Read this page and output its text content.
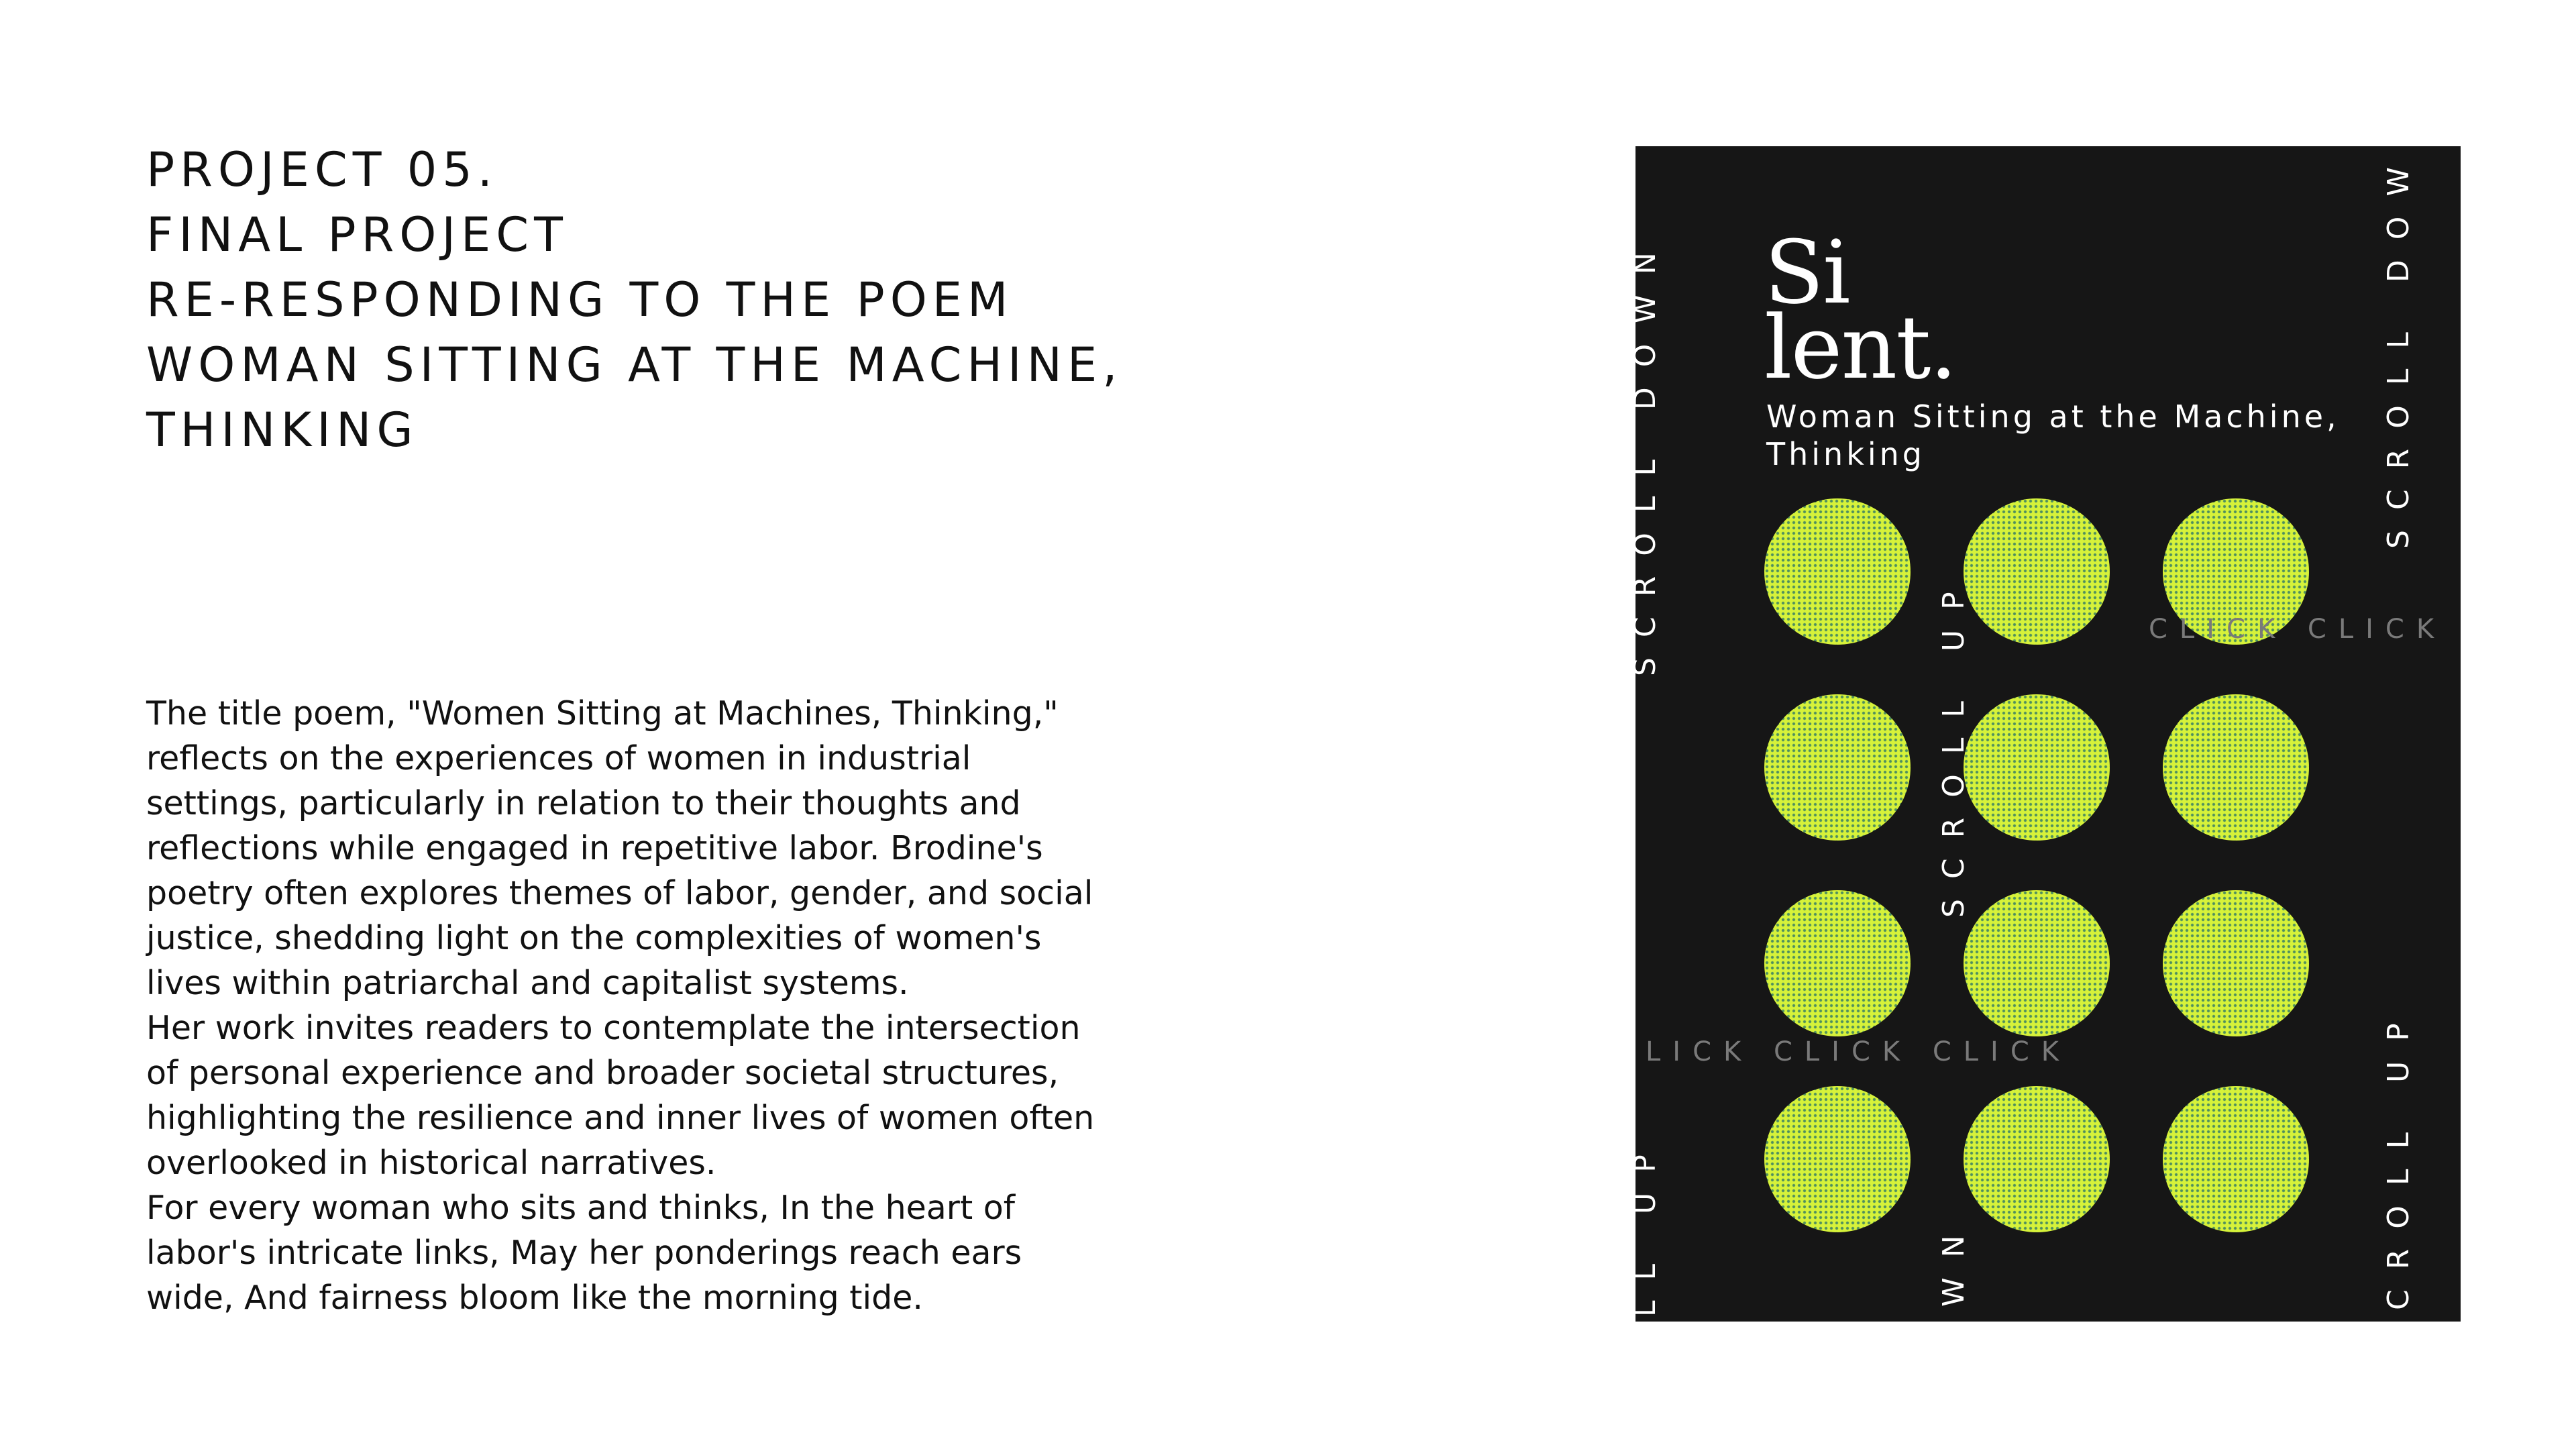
PROJECT 05.
FINAL PROJECT
RE-RESPONDING TO THE POEM
WOMAN SITTING AT THE MACHINE,
THINKING

The title poem, "Women Sitting at Machines, Thinking," reflects on the experiences of women in industrial settings, particularly in relation to their thoughts and reflections while engaged in repetitive labor. Brodine's poetry often explores themes of labor, gender, and social justice, shedding light on the complexities of women's lives within patriarchal and capitalist systems.

Her work invites readers to contemplate the intersection of personal experience and broader societal structures, highlighting the resilience and inner lives of women often overlooked in historical narratives.

For every woman who sits and thinks, In the heart of labor's intricate links, May her ponderings reach ears wide, And fairness bloom like the morning tide.

Si
lent.

Woman Sitting at the Machine,
Thinking

SCROLL DOWN
LL UP
SCROLL UP
WN
SCROLL DOW
CROLL UP
CLICK CLICK
LICK CLICK CLICK
